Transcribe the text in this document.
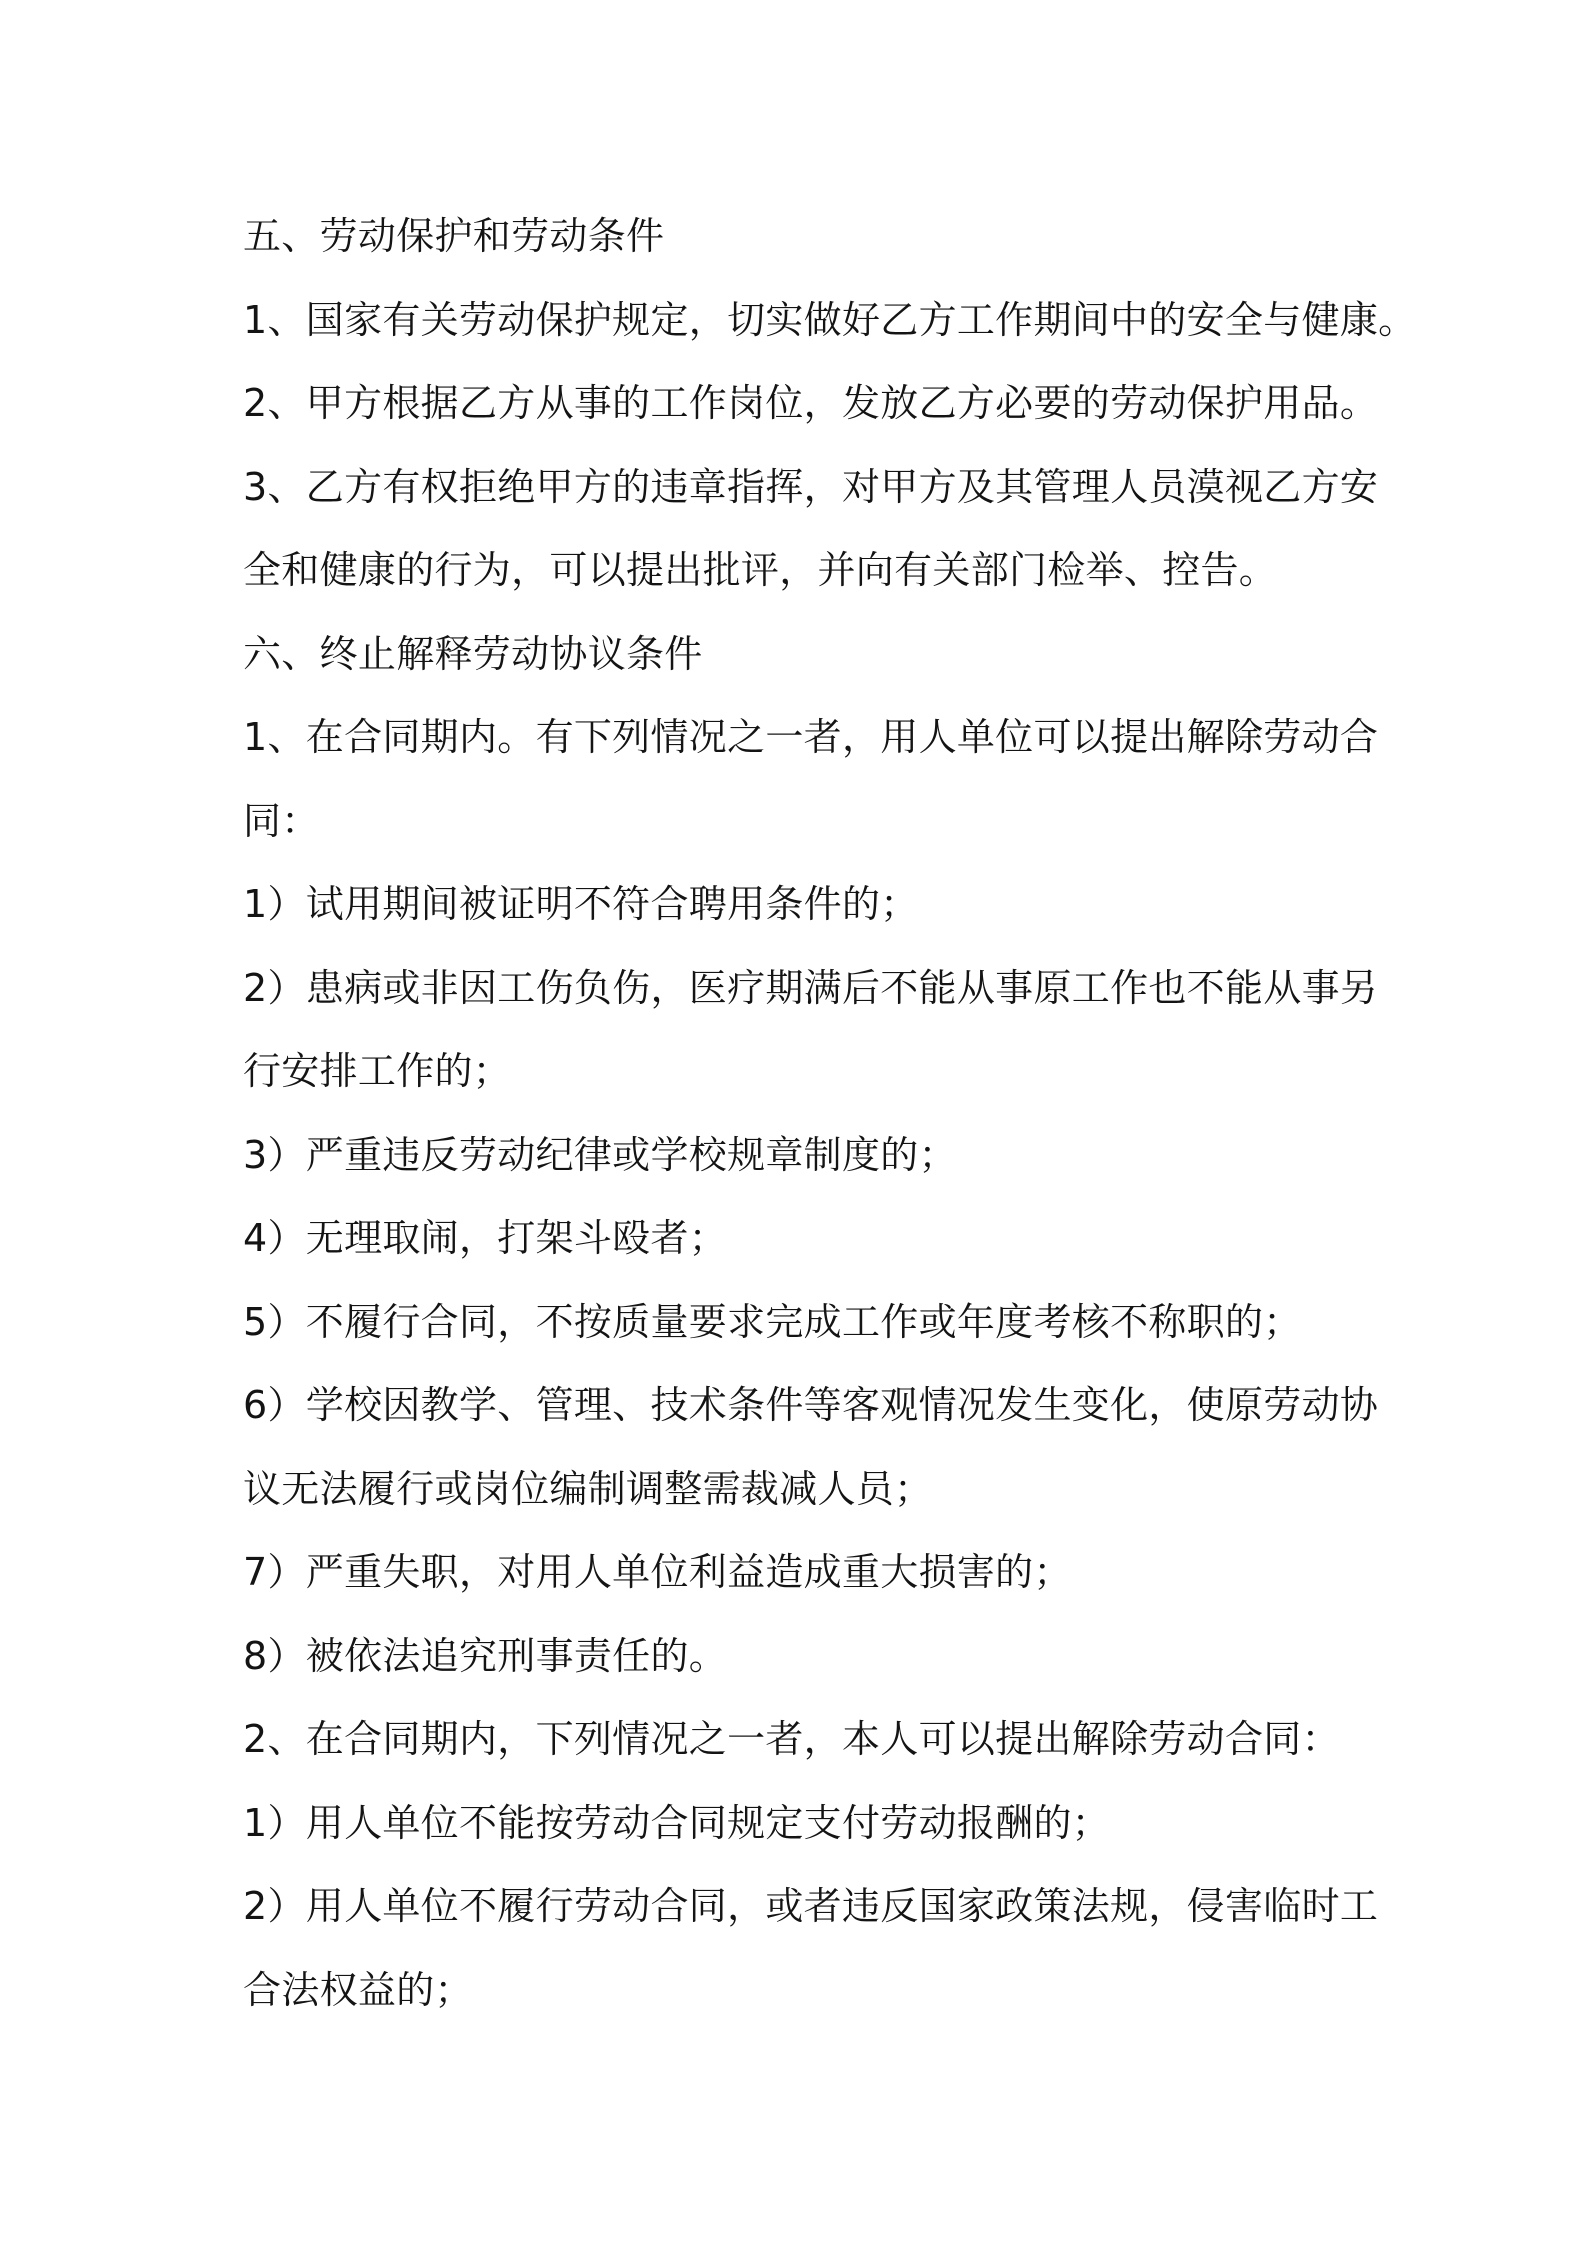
五、劳动保护和劳动条件

1、国家有关劳动保护规定，切实做好乙方工作期间中的安全与健康。

2、甲方根据乙方从事的工作岗位，发放乙方必要的劳动保护用品。

3、乙方有权拒绝甲方的违章指挥，对甲方及其管理人员漠视乙方安

全和健康的行为，可以提出批评，并向有关部门检举、控告。

六、终止解释劳动协议条件

1、在合同期内。有下列情况之一者，用人单位可以提出解除劳动合

同：

1）试用期间被证明不符合聘用条件的；

2）患病或非因工伤负伤，医疗期满后不能从事原工作也不能从事另

行安排工作的；

3）严重违反劳动纪律或学校规章制度的；

4）无理取闹，打架斗殴者；

5）不履行合同，不按质量要求完成工作或年度考核不称职的；

6）学校因教学、管理、技术条件等客观情况发生变化，使原劳动协

议无法履行或岗位编制调整需裁减人员；

7）严重失职，对用人单位利益造成重大损害的；

8）被依法追究刑事责任的。

2、在合同期内，下列情况之一者，本人可以提出解除劳动合同：

1）用人单位不能按劳动合同规定支付劳动报酬的；

2）用人单位不履行劳动合同，或者违反国家政策法规，侵害临时工

合法权益的；
